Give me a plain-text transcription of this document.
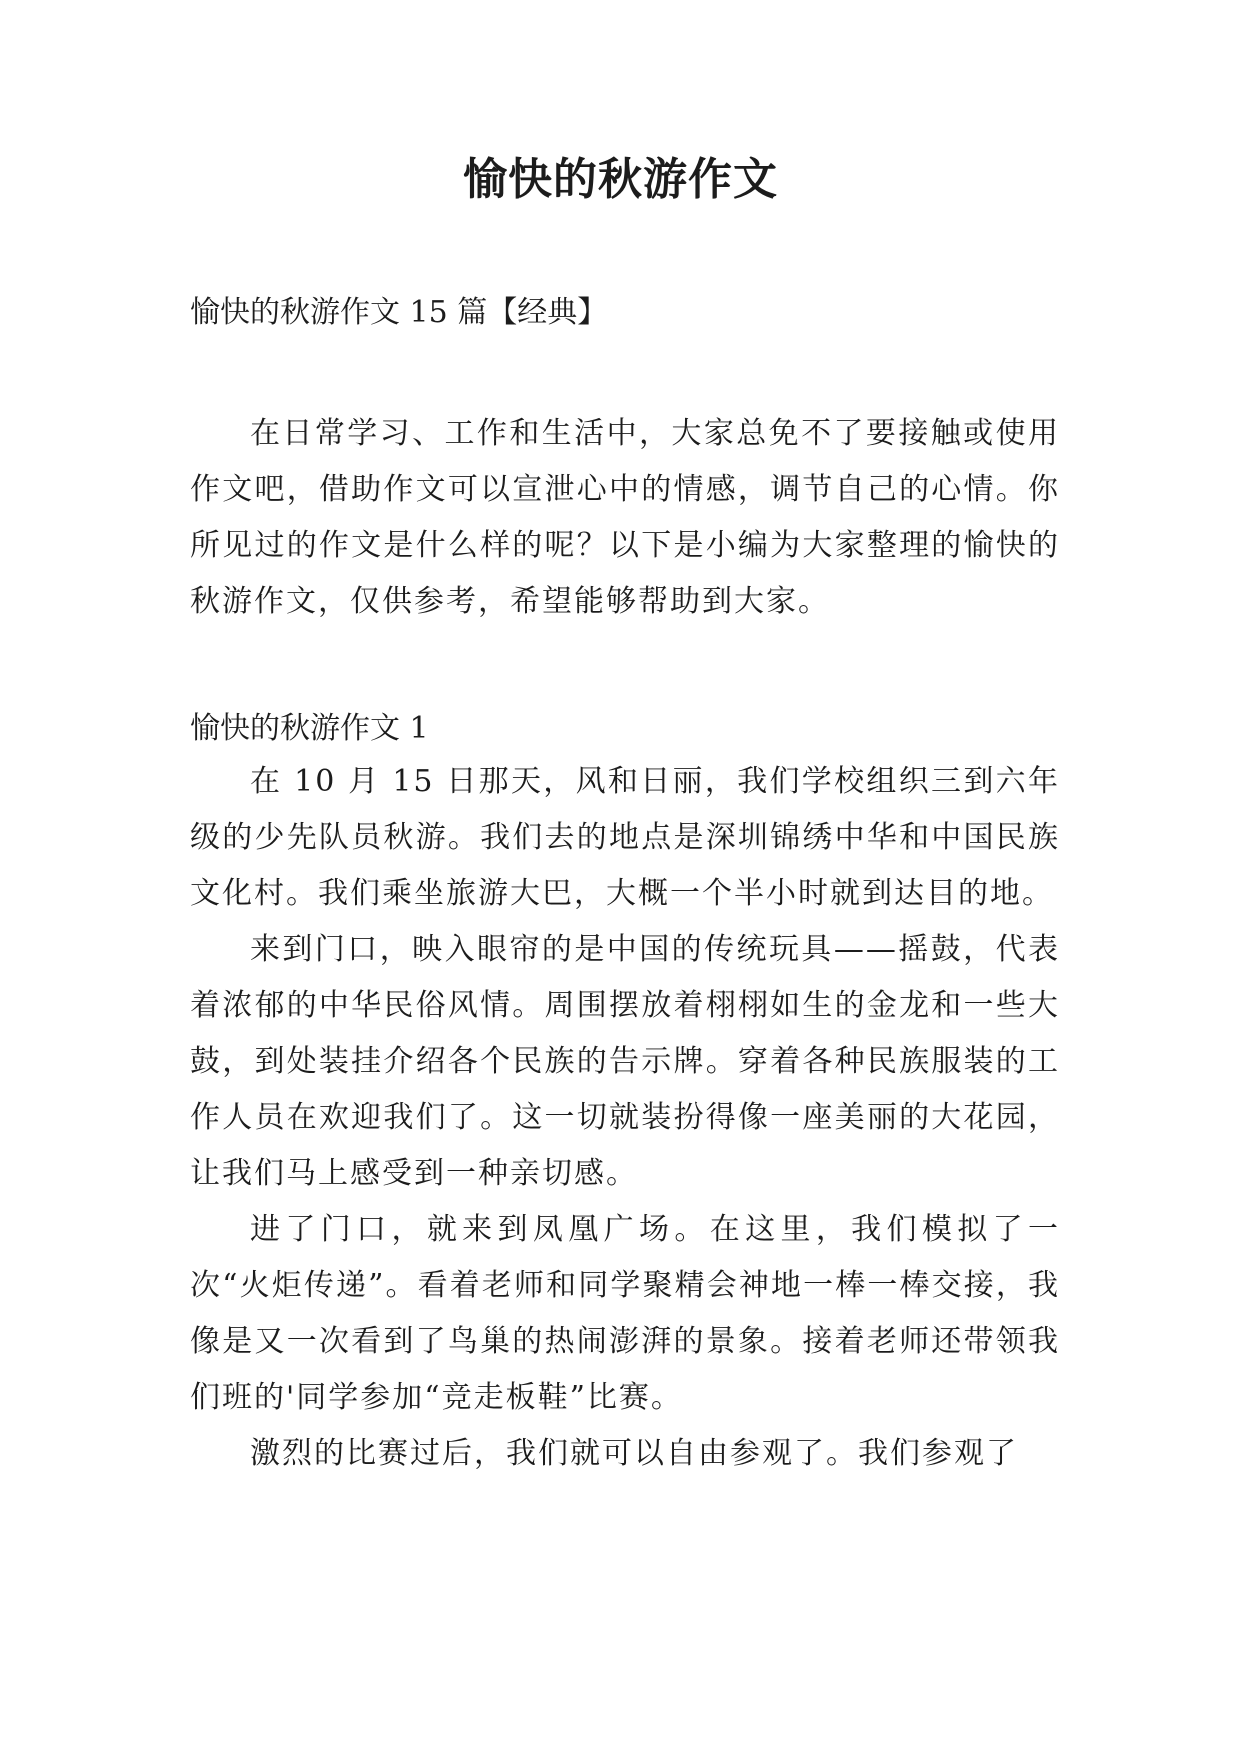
愉快的秋游作文
愉快的秋游作文 15 篇【经典】

在日常学习、工作和生活中，大家总免不了要接触或使用作文吧，借助作文可以宣泄心中的情感，调节自己的心情。你所见过的作文是什么样的呢？以下是小编为大家整理的愉快的秋游作文，仅供参考，希望能够帮助到大家。

愉快的秋游作文 1

在 10 月 15 日那天，风和日丽，我们学校组织三到六年级的少先队员秋游。我们去的地点是深圳锦绣中华和中国民族文化村。我们乘坐旅游大巴，大概一个半小时就到达目的地。

来到门口，映入眼帘的是中国的传统玩具——摇鼓，代表着浓郁的中华民俗风情。周围摆放着栩栩如生的金龙和一些大鼓，到处装挂介绍各个民族的告示牌。穿着各种民族服装的工作人员在欢迎我们了。这一切就装扮得像一座美丽的大花园，让我们马上感受到一种亲切感。

进了门口，就来到凤凰广场。在这里，我们模拟了一次“火炬传递”。看着老师和同学聚精会神地一棒一棒交接，我像是又一次看到了鸟巢的热闹澎湃的景象。接着老师还带领我们班的'同学参加“竞走板鞋”比赛。

激烈的比赛过后，我们就可以自由参观了。我们参观了
